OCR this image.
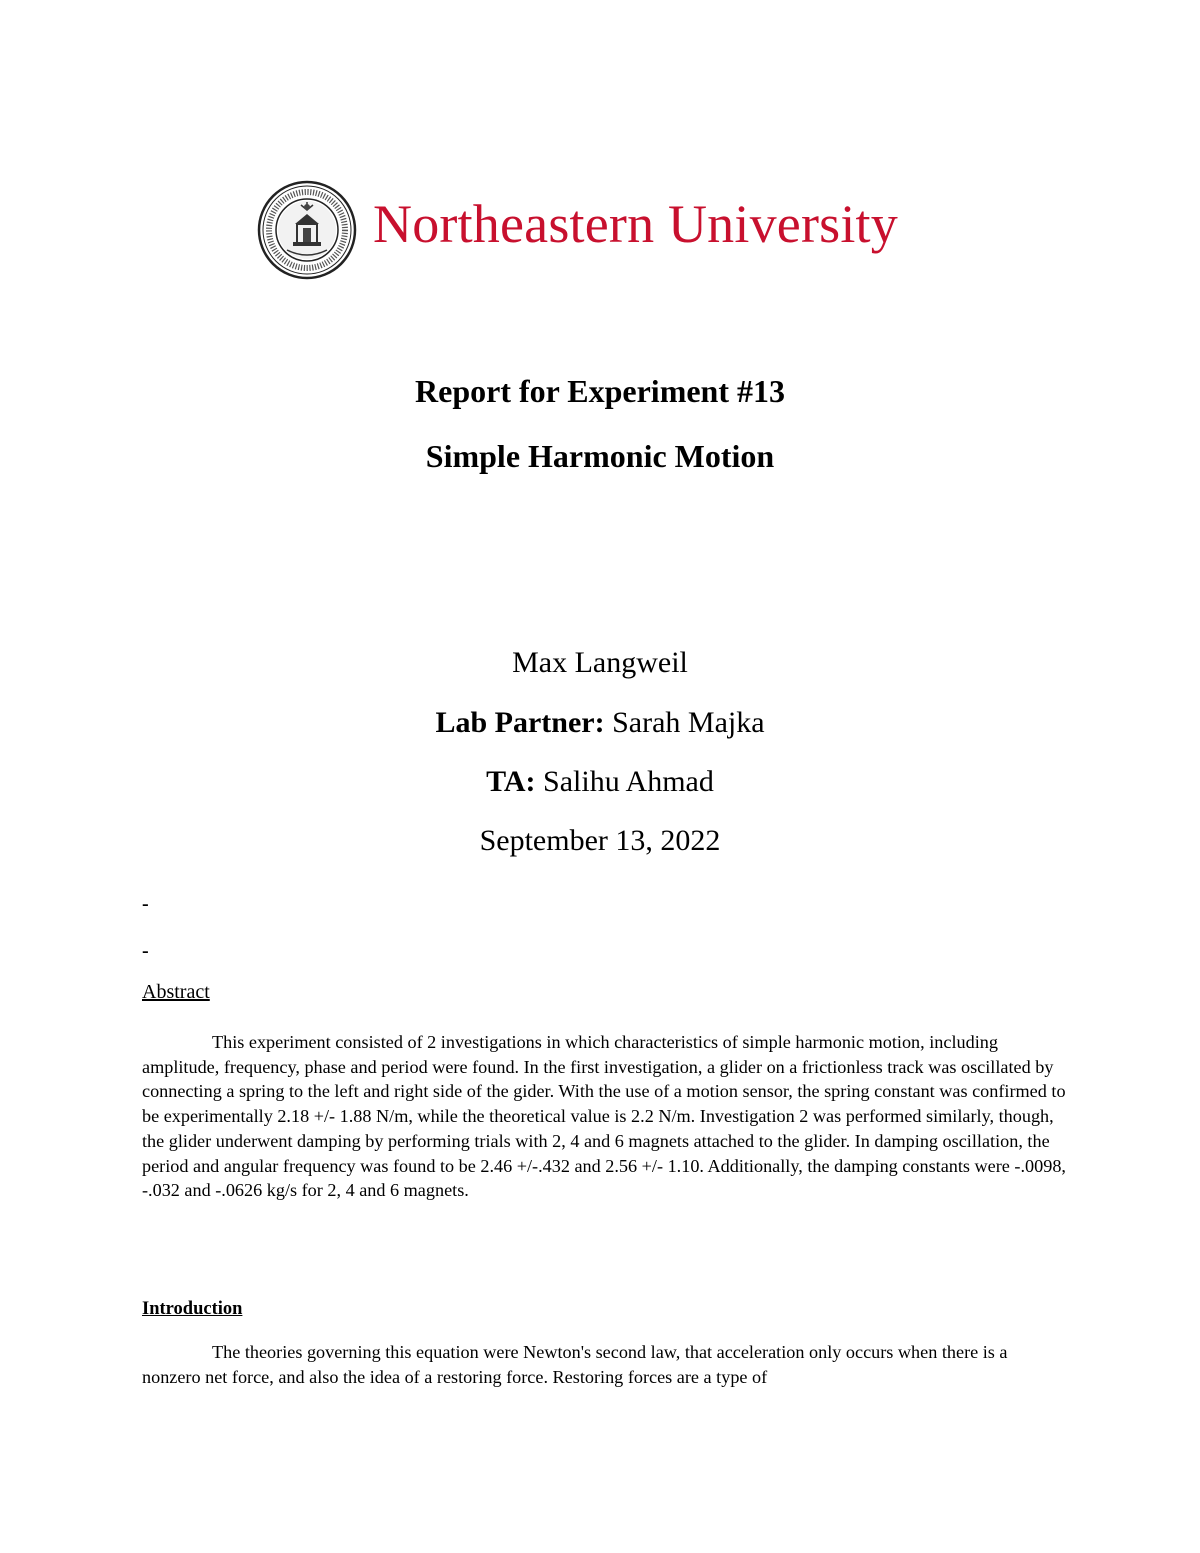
Northeastern University
Report for Experiment #13
Simple Harmonic Motion
Max Langweil
Lab Partner: Sarah Majka
TA: Salihu Ahmad
September 13, 2022
-
-
Abstract

This experiment consisted of 2 investigations in which characteristics of simple harmonic motion, including amplitude, frequency, phase and period were found. In the first investigation, a glider on a frictionless track was oscillated by connecting a spring to the left and right side of the gider. With the use of a motion sensor, the spring constant was confirmed to be experimentally 2.18 +/- 1.88 N/m, while the theoretical value is 2.2 N/m. Investigation 2 was performed similarly, though, the glider underwent damping by performing trials with 2, 4 and 6 magnets attached to the glider. In damping oscillation, the period and angular frequency was found to be 2.46 +/-.432 and 2.56 +/- 1.10. Additionally, the damping constants were -.0098, -.032 and -.0626 kg/s for 2, 4 and 6 magnets.

Introduction

The theories governing this equation were Newton's second law, that acceleration only occurs when there is a nonzero net force, and also the idea of a restoring force. Restoring forces are a type of
